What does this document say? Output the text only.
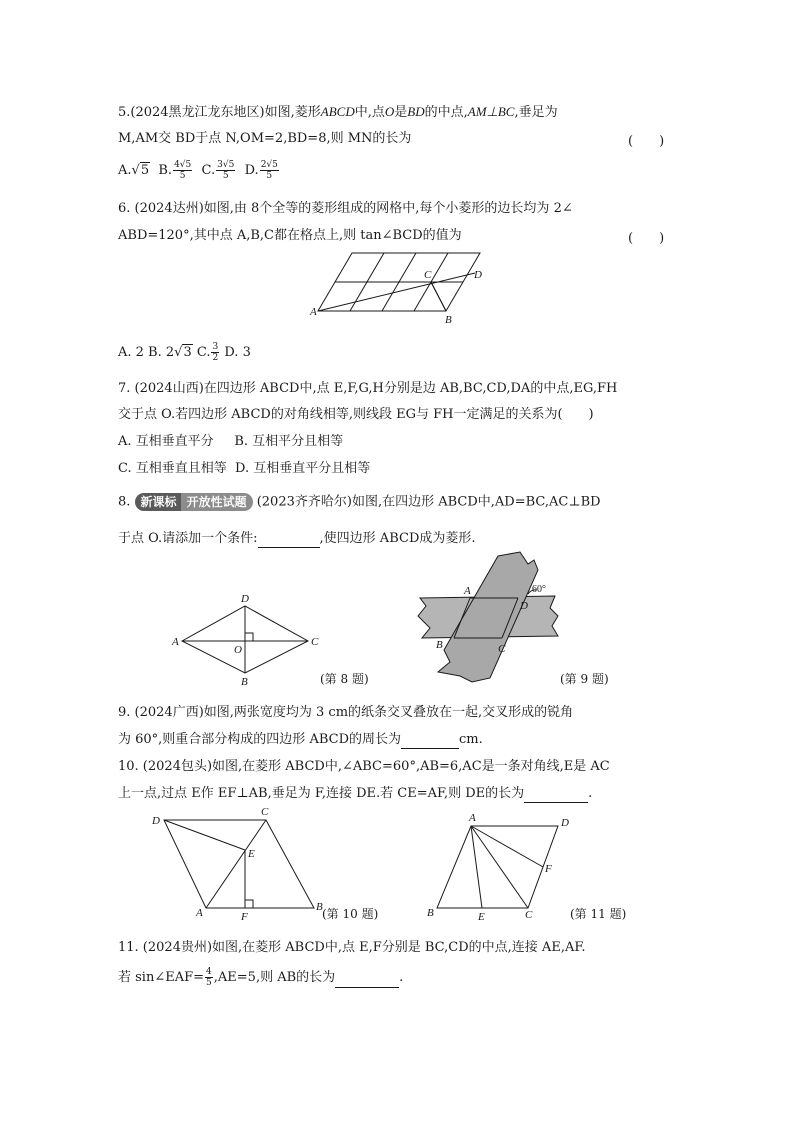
5.(2024黑龙江龙东地区)如图,菱形ABCD中,点O是BD的中点,AM⊥BC,垂足为
M,AM交 BD于点 N,OM=2,BD=8,则 MN的长为	(　　)
A.√5 B. $\frac{4√5}{5} C$. $\frac{3√5}{5} D$. $\frac{2√5}{5}$
6. (2024达州)如图,由 8个全等的菱形组成的网格中,每个小菱形的边长均为 2∠
ABD=120°,其中点 A,B,C都在格点上,则 tan∠BCD的值为	(　　)
A
B
C	D
A. 2 B. 2√3 C. $\frac{3}{2} D$. 3
7. (2024山西)在四边形 ABCD中,点 E,F,G,H分别是边 AB,BC,CD,DA的中点,EG,FH
交于点 O.若四边形 ABCD的对角线相等,则线段 EG与 FH一定满足的关系为(　　)
A. 互相垂直平分 B. 互相平分且相等
C. 互相垂直且相等 D. 互相垂直平分且相等
8. 新课标 开放性试题 (2023齐齐哈尔)如图,在四边形 ABCD中,AD=BC,AC⊥BD
于点 O.请添加一个条件:	,使四边形 ABCD成为菱形.
A
D
C
B
O
(第 8 题)
A
D
B	C
60°
(第 9 题)
9. (2024广西)如图,两张宽度均为 3 cm的纸条交叉叠放在一起,交叉形成的锐角
为 60°,则重合部分构成的四边形 ABCD的周长为	cm.
10. (2024包头)如图,在菱形 ABCD中,∠ABC=60°,AB=6,AC是一条对角线,E是 AC
上一点,过点 E作 EF⊥AB,垂足为 F,连接 DE.若 CE=AF,则 DE的长为	.
A	B
C
D
E
F	(第 10 题)
A
B	C
D
E
F
(第 11 题)
11. (2024贵州)如图,在菱形 ABCD中,点 E,F分别是 BC,CD的中点,连接 AE,AF.
若 sin∠EAF= $\frac{4}{5} ,AE=5$,则 AB的长为	.
